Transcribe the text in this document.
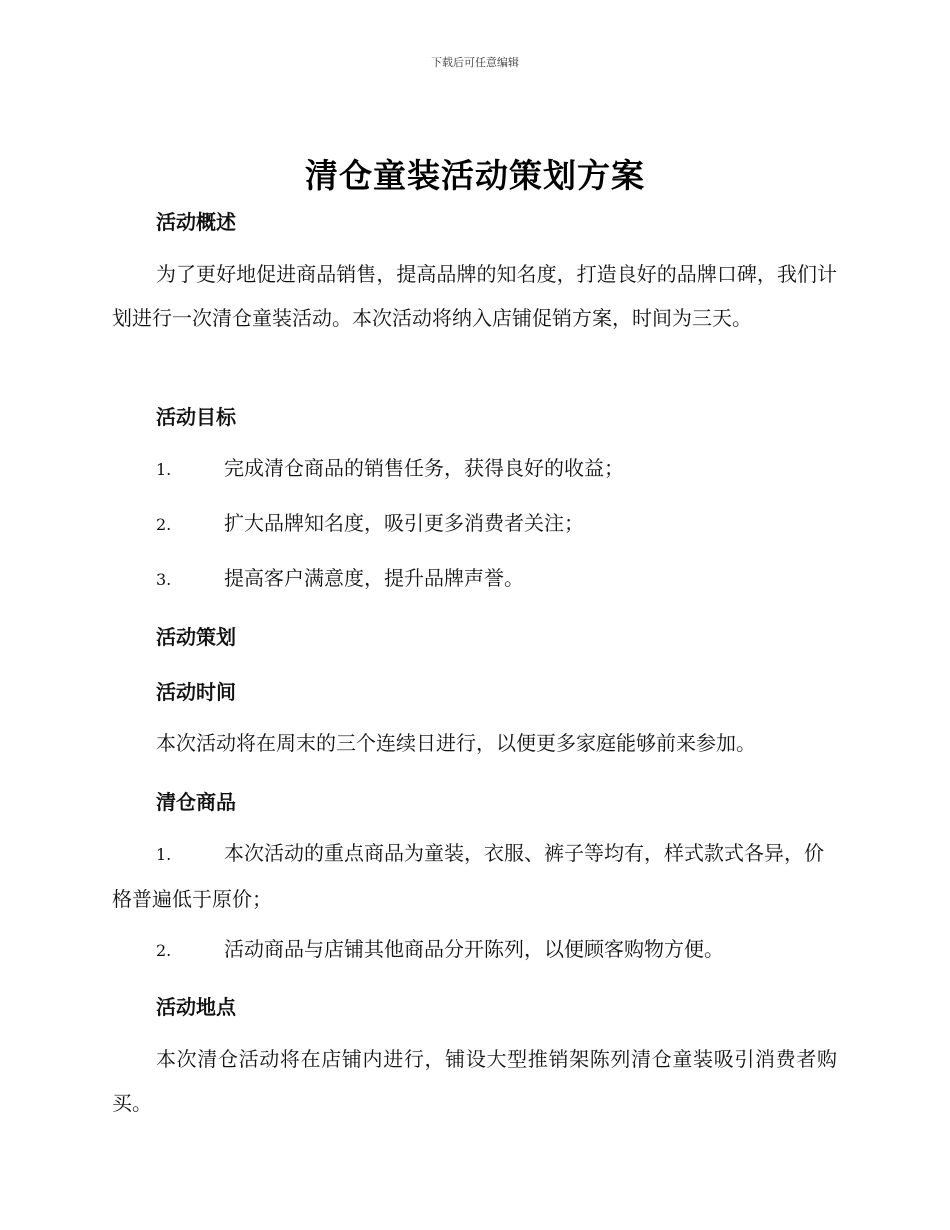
下载后可任意编辑
清仓童装活动策划方案
活动概述
为了更好地促进商品销售，提高品牌的知名度，打造良好的品牌口碑，我们计划进行一次清仓童装活动。本次活动将纳入店铺促销方案，时间为三天。
活动目标
1.	完成清仓商品的销售任务，获得良好的收益；
2.	扩大品牌知名度，吸引更多消费者关注；
3.	提高客户满意度，提升品牌声誉。
活动策划
活动时间
本次活动将在周末的三个连续日进行，以便更多家庭能够前来参加。
清仓商品
1.	本次活动的重点商品为童装，衣服、裤子等均有，样式款式各异，价格普遍低于原价；
2.	活动商品与店铺其他商品分开陈列，以便顾客购物方便。
活动地点
本次清仓活动将在店铺内进行，铺设大型推销架陈列清仓童装吸引消费者购买。
